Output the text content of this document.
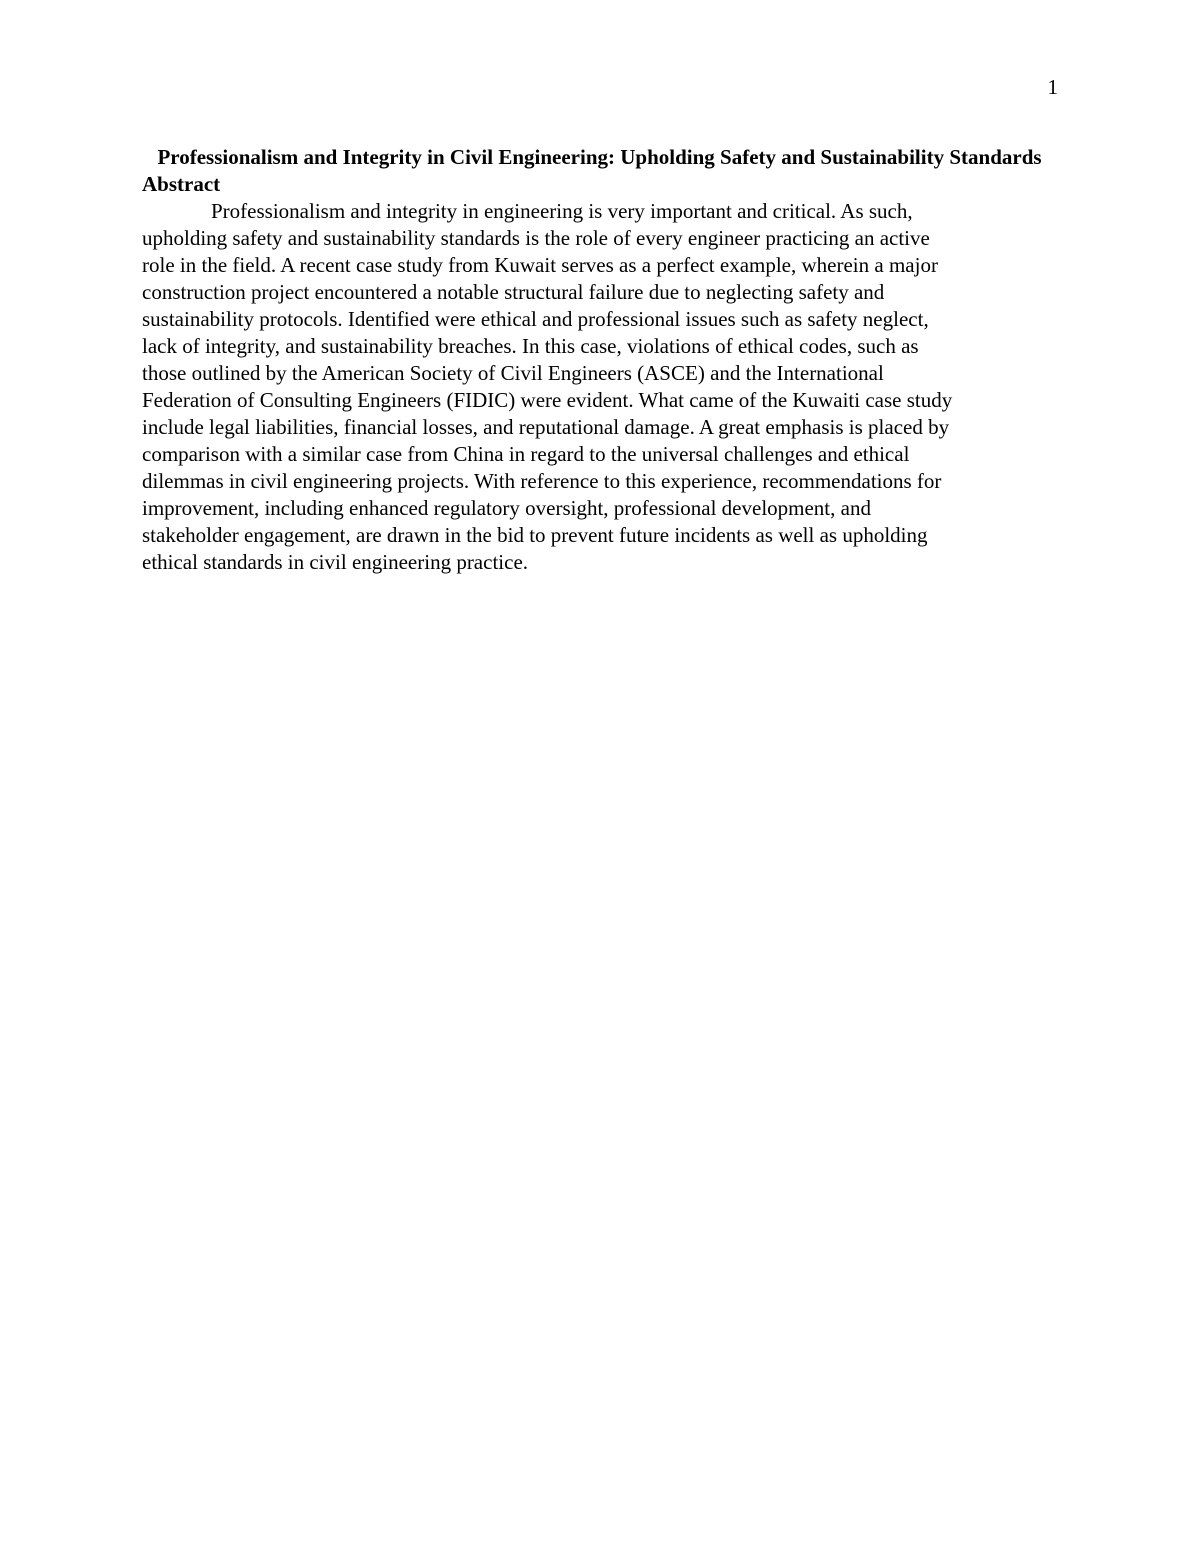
1
Professionalism and Integrity in Civil Engineering: Upholding Safety and Sustainability Standards
Abstract

Professionalism and integrity in engineering is very important and critical. As such,
upholding safety and sustainability standards is the role of every engineer practicing an active
role in the field. A recent case study from Kuwait serves as a perfect example, wherein a major
construction project encountered a notable structural failure due to neglecting safety and
sustainability protocols. Identified were ethical and professional issues such as safety neglect,
lack of integrity, and sustainability breaches. In this case, violations of ethical codes, such as
those outlined by the American Society of Civil Engineers (ASCE) and the International
Federation of Consulting Engineers (FIDIC) were evident. What came of the Kuwaiti case study
include legal liabilities, financial losses, and reputational damage. A great emphasis is placed by
comparison with a similar case from China in regard to the universal challenges and ethical
dilemmas in civil engineering projects. With reference to this experience, recommendations for
improvement, including enhanced regulatory oversight, professional development, and
stakeholder engagement, are drawn in the bid to prevent future incidents as well as upholding
ethical standards in civil engineering practice.
